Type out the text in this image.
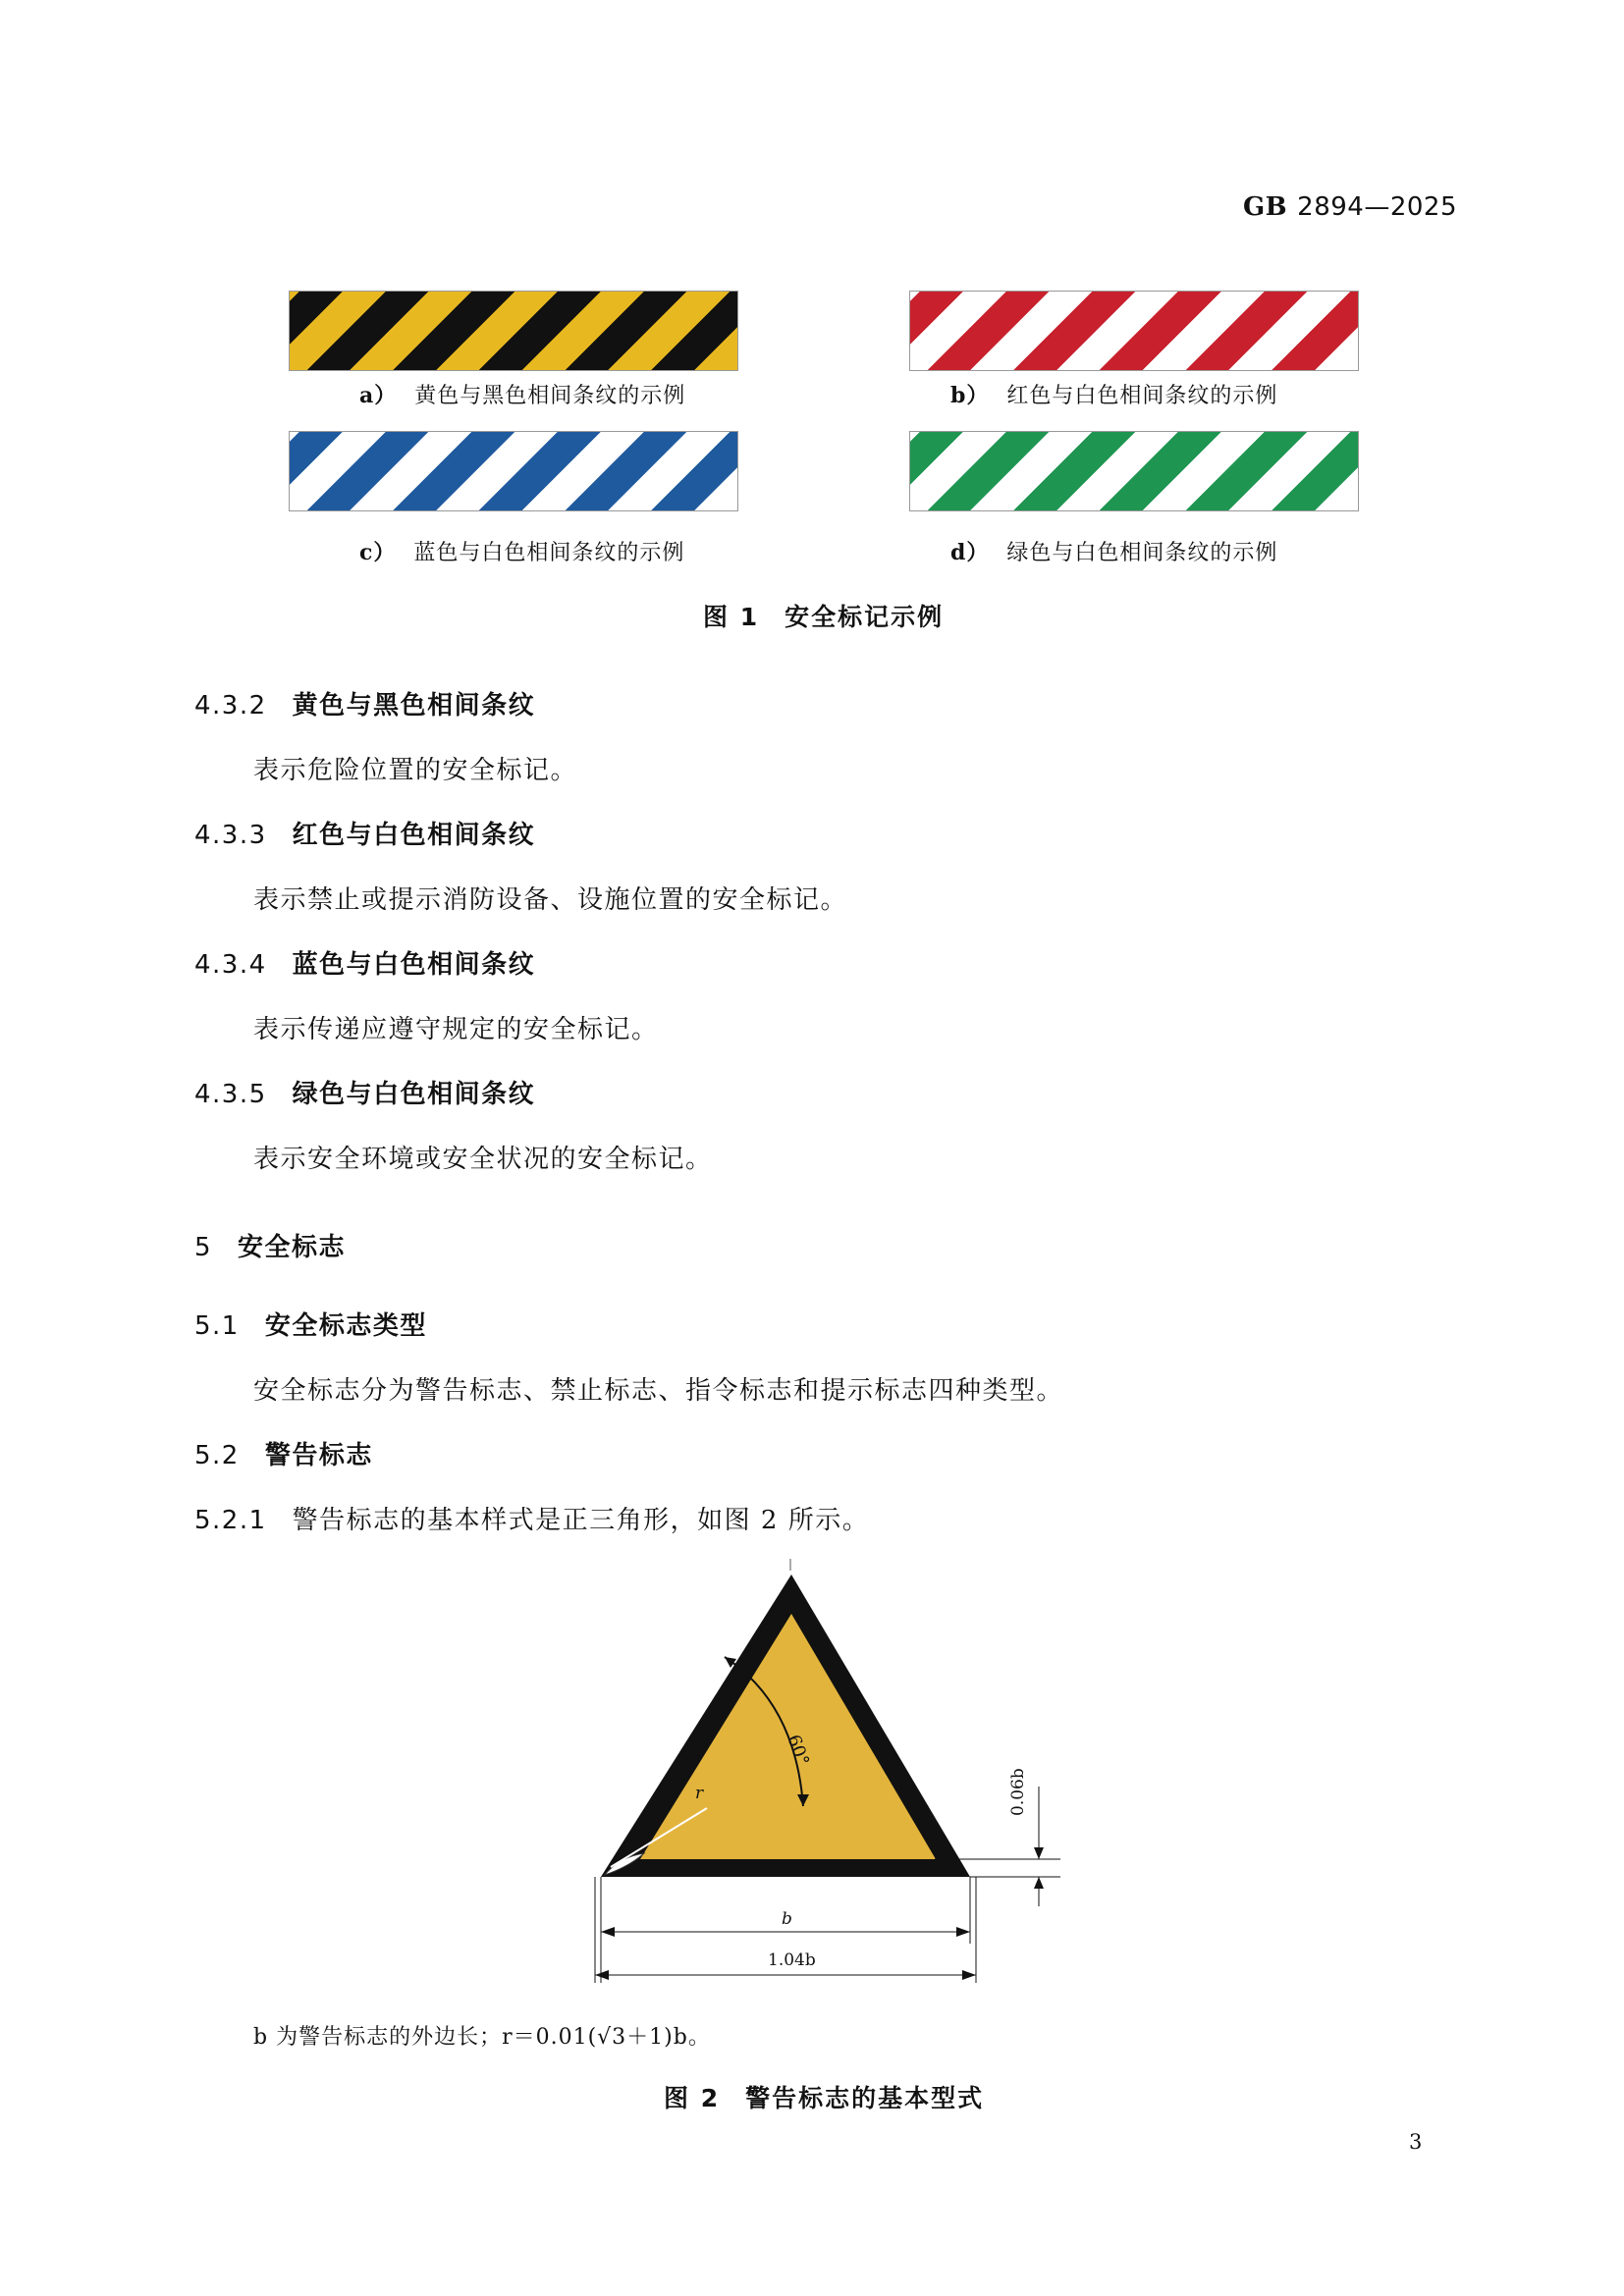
GB 2894—2025
a） 黄色与黑色相间条纹的示例	b） 红色与白色相间条纹的示例
c） 蓝色与白色相间条纹的示例	d） 绿色与白色相间条纹的示例
图 1 安全标记示例
4.3.2 黄色与黑色相间条纹
表示危险位置的安全标记。
4.3.3 红色与白色相间条纹
表示禁止或提示消防设备、设施位置的安全标记。
4.3.4 蓝色与白色相间条纹
表示传递应遵守规定的安全标记。
4.3.5 绿色与白色相间条纹
表示安全环境或安全状况的安全标记。
5 安全标志
5.1 安全标志类型
安全标志分为警告标志、禁止标志、指令标志和提示标志四种类型。
5.2 警告标志
5.2.1 警告标志的基本样式是正三角形，如图 2 所示。
r
60°
0.06b
b
1.04b
b 为警告标志的外边长；r＝0.01(√3＋1)b。
图 2 警告标志的基本型式
3
